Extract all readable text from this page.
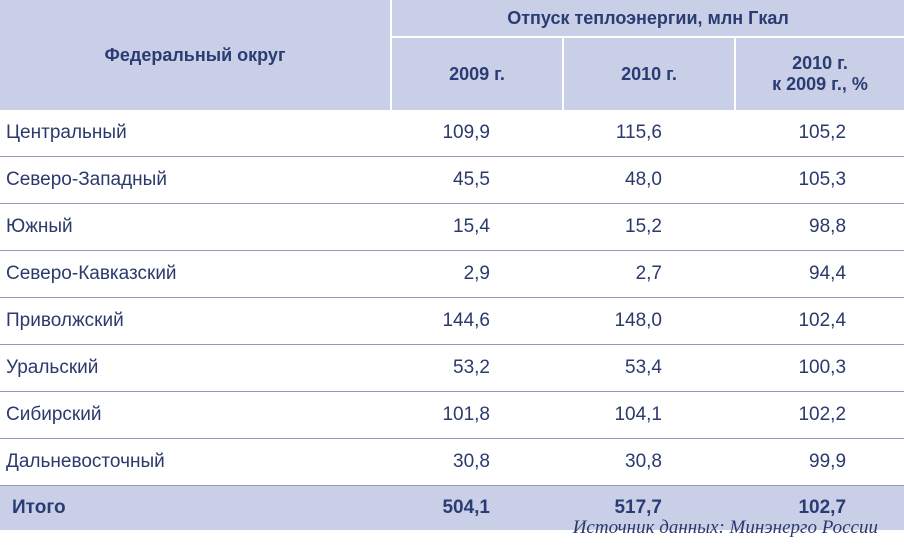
Федеральный округ	Отпуск теплоэнергии, млн Гкал		
	2009 г.	2010 г.	2010 г.
к 2009 г., %

Центральный	109,9	115,6	105,2
Северо-Западный	45,5	48,0	105,3
Южный	15,4	15,2	98,8
Северо-Кавказский	2,9	2,7	94,4
Приволжский	144,6	148,0	102,4
Уральский	53,2	53,4	100,3
Сибирский	101,8	104,1	102,2
Дальневосточный	30,8	30,8	99,9
Итого	504,1	517,7	102,7
Источник данных: Минэнерго России
